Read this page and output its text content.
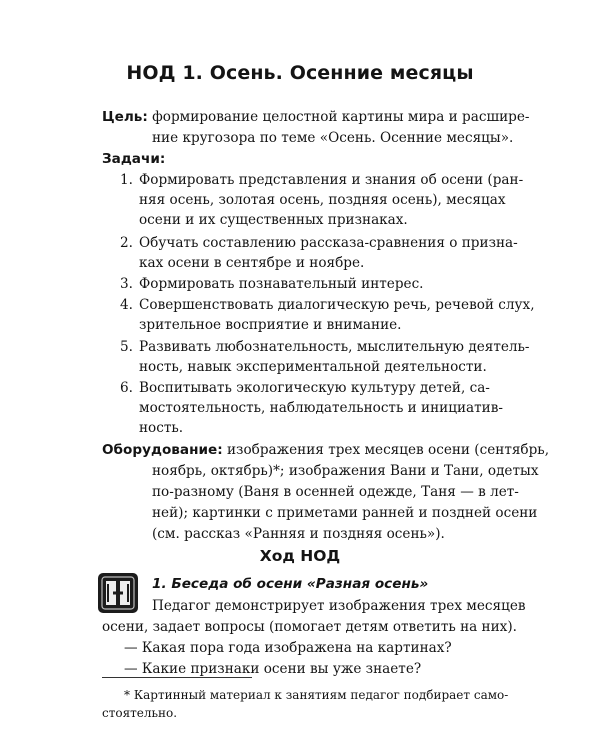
НОД 1. Осень. Осенние месяцы
Цель: формирование целостной картины мира и расшире-
ние кругозора по теме «Осень. Осенние месяцы».
Задачи:
1. Формировать представления и знания об осени (ран-
няя осень, золотая осень, поздняя осень), месяцах
осени и их существенных признаках.
2. Обучать составлению рассказа-сравнения о призна-
ках осени в сентябре и ноябре.
3. Формировать познавательный интерес.
4. Совершенствовать диалогическую речь, речевой слух,
зрительное восприятие и внимание.
5. Развивать любознательность, мыслительную деятель-
ность, навык экспериментальной деятельности.
6. Воспитывать экологическую культуру детей, са-
мостоятельность, наблюдательность и инициатив-
ность.
Оборудование: изображения трех месяцев осени (сентябрь,
ноябрь, октябрь)*; изображения Вани и Тани, одетых
по-разному (Ваня в осенней одежде, Таня — в лет-
ней); картинки с приметами ранней и поздней осени
(см. рассказ «Ранняя и поздняя осень»).
Ход НОД
1. Беседа об осени «Разная осень»
Педагог демонстрирует изображения трех месяцев
осени, задает вопросы (помогает детям ответить на них).
— Какая пора года изображена на картинах?
— Какие признаки осени вы уже знаете?
* Картинный материал к занятиям педагог подбирает само-
стоятельно.
